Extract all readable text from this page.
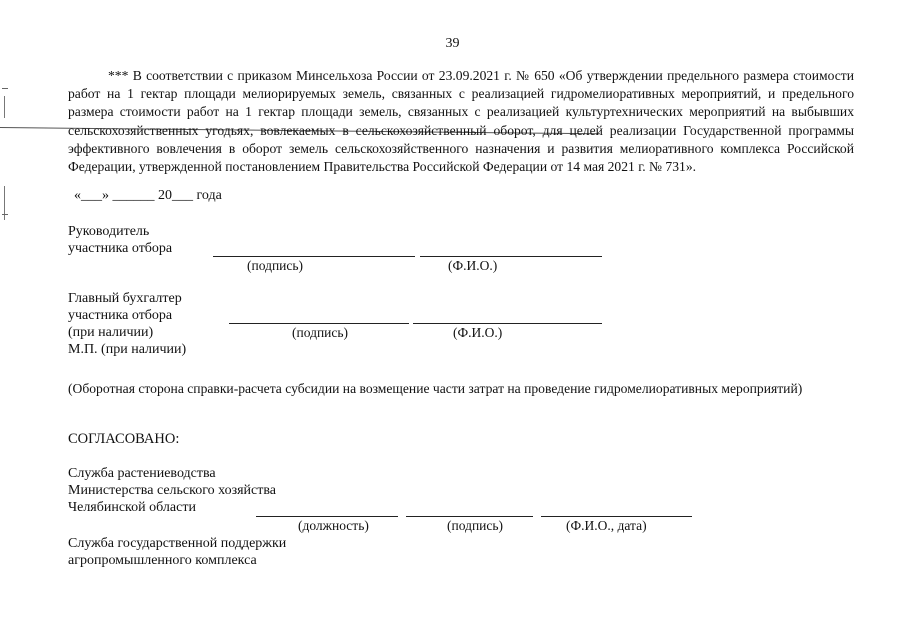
39

*** В соответствии с приказом Минсельхоза России от 23.09.2021 г. № 650 «Об утверждении предельного размера стоимости работ на 1 гектар площади мелиорируемых земель, связанных с реализацией гидромелиоративных мероприятий, и предельного размера стоимости работ на 1 гектар площади земель, связанных с реализацией культуртехнических мероприятий на выбывших сельскохозяйственных угодьях, вовлекаемых в сельскохозяйственный оборот, для целей реализации Государственной программы эффективного вовлечения в оборот земель сельскохозяйственного назначения и развития мелиоративного комплекса Российской Федерации, утвержденной постановлением Правительства Российской Федерации от 14 мая 2021 г. № 731».

«___» ______ 20___ года
Руководитель
участника отбора
(подпись)	(Ф.И.О.)
Главный бухгалтер
участника отбора
(при наличии)
М.П. (при наличии)
(подпись)	(Ф.И.О.)

(Оборотная сторона справки-расчета субсидии на возмещение части затрат на проведение гидромелиоративных мероприятий)

СОГЛАСОВАНО:
Служба растениеводства
Министерства сельского хозяйства
Челябинской области
(должность)	(подпись)	(Ф.И.О., дата)
Служба государственной поддержки
агропромышленного комплекса
